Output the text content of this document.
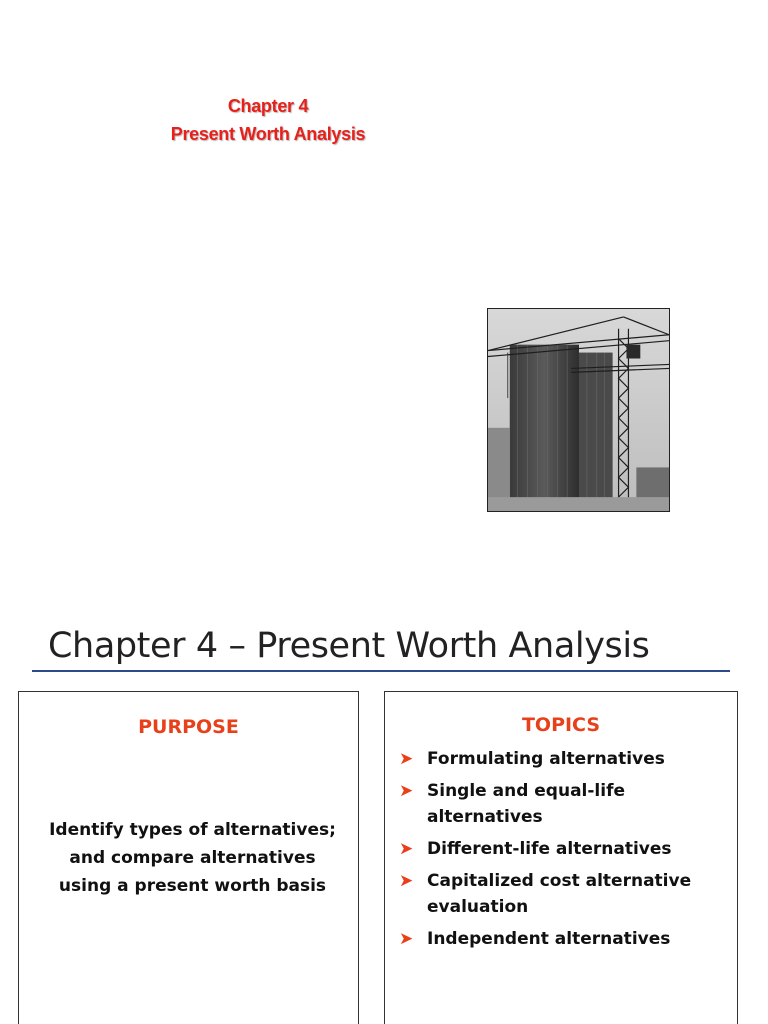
Chapter 4
Present Worth Analysis
Chapter 4 – Present Worth Analysis
PURPOSE
Identify types of alternatives;
and compare alternatives
using a present worth basis
TOPICS
➤ Formulating alternatives
➤ Single and equal-life alternatives
➤ Different-life alternatives
➤ Capitalized cost alternative evaluation
➤ Independent alternatives
